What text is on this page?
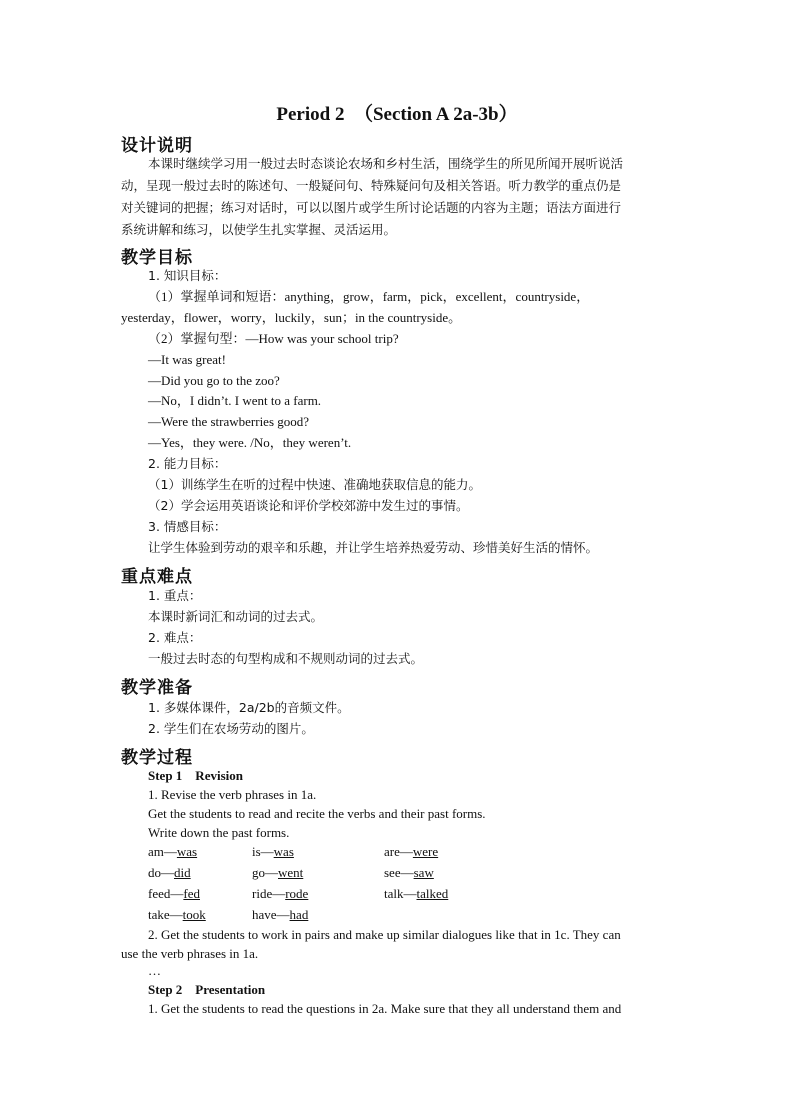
Period 2　（Section A 2a-3b）
设计说明
本课时继续学习用一般过去时态谈论农场和乡村生活，围绕学生的所见所闻开展听说活
动，呈现一般过去时的陈述句、一般疑问句、特殊疑问句及相关答语。听力教学的重点仍是
对关键词的把握；练习对话时，可以以图片或学生所讨论话题的内容为主题；语法方面进行
系统讲解和练习，以使学生扎实掌握、灵活运用。
教学目标
1. 知识目标：
（1）掌握单词和短语：anything，grow，farm，pick，excellent，countryside，
yesterday，flower，worry，luckily，sun；in the countryside。
（2）掌握句型：—How was your school trip?
—It was great!
—Did you go to the zoo?
—No，I didn’t. I went to a farm.
—Were the strawberries good?
—Yes，they were. /No，they weren’t.
2. 能力目标：
（1）训练学生在听的过程中快速、准确地获取信息的能力。
（2）学会运用英语谈论和评价学校郊游中发生过的事情。
3. 情感目标：
让学生体验到劳动的艰辛和乐趣，并让学生培养热爱劳动、珍惜美好生活的情怀。
重点难点
1. 重点：
本课时新词汇和动词的过去式。
2. 难点：
一般过去时态的句型构成和不规则动词的过去式。
教学准备
1. 多媒体课件，2a/2b的音频文件。
2. 学生们在农场劳动的图片。
教学过程
Step 1　Revision
1. Revise the verb phrases in 1a.
Get the students to read and recite the verbs and their past forms.
Write down the past forms.
am—was	is—was	are—were
do—did	go—went	see—saw
feed—fed	ride—rode	talk—talked
take—took	have—had
2. Get the students to work in pairs and make up similar dialogues like that in 1c. They can
use the verb phrases in 1a.
…
Step 2　Presentation
1. Get the students to read the questions in 2a. Make sure that they all understand them and
